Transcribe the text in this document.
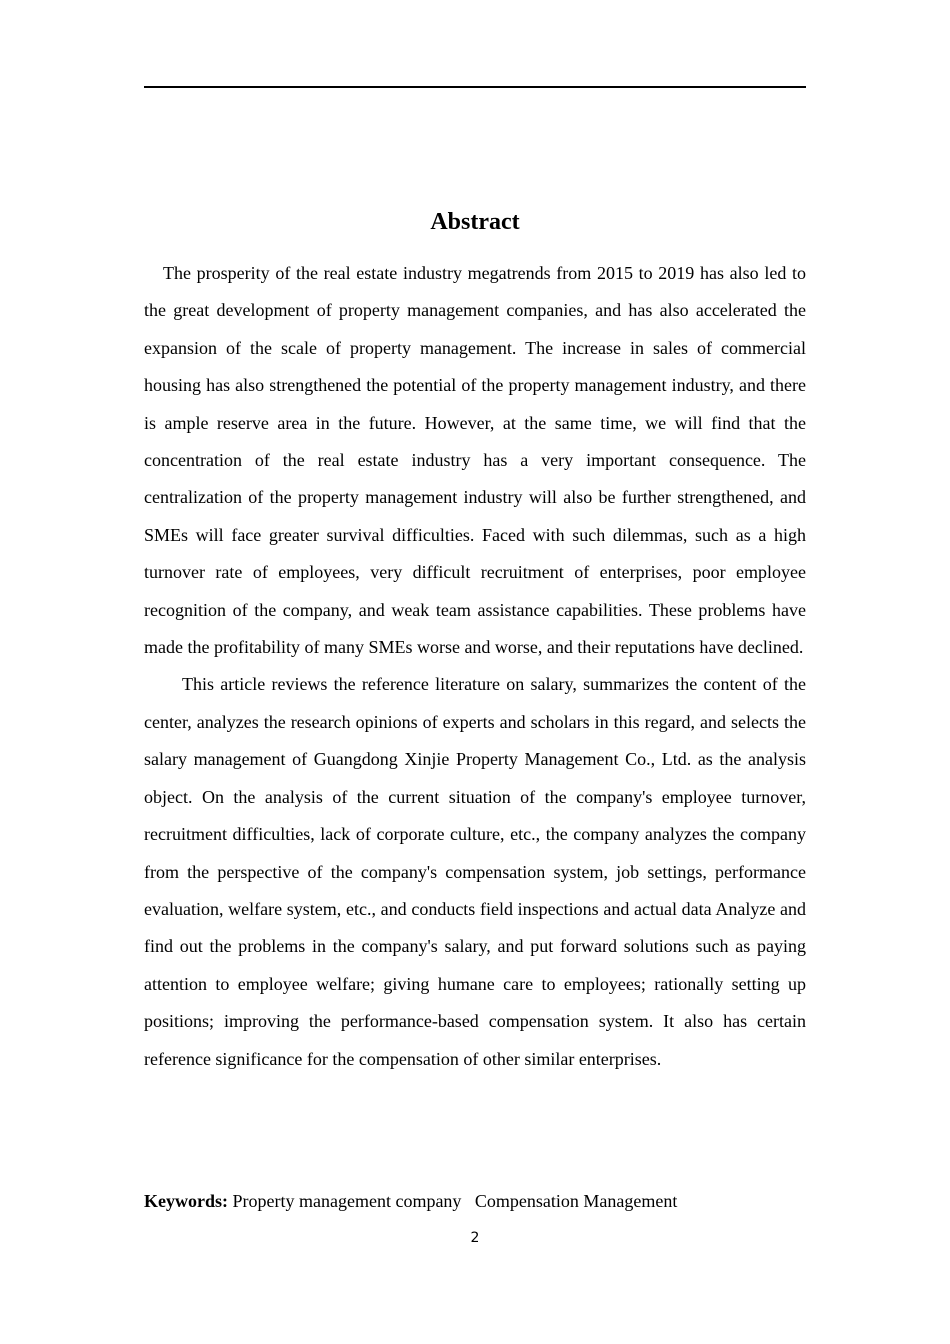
Abstract

The prosperity of the real estate industry megatrends from 2015 to 2019 has also led to the great development of property management companies, and has also accelerated the expansion of the scale of property management. The increase in sales of commercial housing has also strengthened the potential of the property management industry, and there is ample reserve area in the future. However, at the same time, we will find that the concentration of the real estate industry has a very important consequence. The centralization of the property management industry will also be further strengthened, and SMEs will face greater survival difficulties. Faced with such dilemmas, such as a high turnover rate of employees, very difficult recruitment of enterprises, poor employee recognition of the company, and weak team assistance capabilities. These problems have made the profitability of many SMEs worse and worse, and their reputations have declined.

This article reviews the reference literature on salary, summarizes the content of the center, analyzes the research opinions of experts and scholars in this regard, and selects the salary management of Guangdong Xinjie Property Management Co., Ltd. as the analysis object. On the analysis of the current situation of the company's employee turnover, recruitment difficulties, lack of corporate culture, etc., the company analyzes the company from the perspective of the company's compensation system, job settings, performance evaluation, welfare system, etc., and conducts field inspections and actual data Analyze and find out the problems in the company's salary, and put forward solutions such as paying attention to employee welfare; giving humane care to employees; rationally setting up positions; improving the performance-based compensation system. It also has certain reference significance for the compensation of other similar enterprises.

Keywords: Property management company   Compensation Management

2
